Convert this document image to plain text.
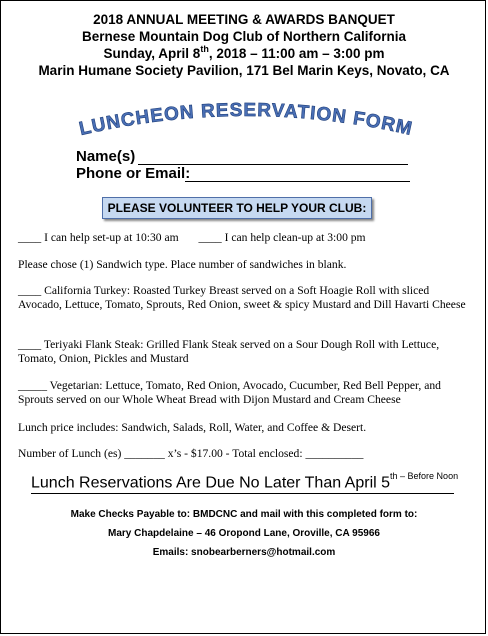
2018 ANNUAL MEETING & AWARDS BANQUET
Bernese Mountain Dog Club of Northern California
Sunday, April 8th, 2018 – 11:00 am – 3:00 pm
Marin Humane Society Pavilion, 171 Bel Marin Keys, Novato, CA
LUNCHEON RESERVATION FORM
Name(s)
Phone or Email:
PLEASE VOLUNTEER TO HELP YOUR CLUB:
____ I can help set-up at 10:30 am ____ I can help clean-up at 3:00 pm
Please chose (1) Sandwich type. Place number of sandwiches in blank.
____ California Turkey: Roasted Turkey Breast served on a Soft Hoagie Roll with sliced Avocado, Lettuce, Tomato, Sprouts, Red Onion, sweet & spicy Mustard and Dill Havarti Cheese
____ Teriyaki Flank Steak: Grilled Flank Steak served on a Sour Dough Roll with Lettuce, Tomato, Onion, Pickles and Mustard
_____ Vegetarian: Lettuce, Tomato, Red Onion, Avocado, Cucumber, Red Bell Pepper, and Sprouts served on our Whole Wheat Bread with Dijon Mustard and Cream Cheese
Lunch price includes: Sandwich, Salads, Roll, Water, and Coffee & Desert.
Number of Lunch (es) _______ x’s - $17.00 - Total enclosed: __________
Lunch Reservations Are Due No Later Than April $5^{th - Before Noon}$
Make Checks Payable to: BMDCNC and mail with this completed form to:
Mary Chapdelaine – 46 Oropond Lane, Oroville, CA 95966
Emails: snobearberners@hotmail.com
